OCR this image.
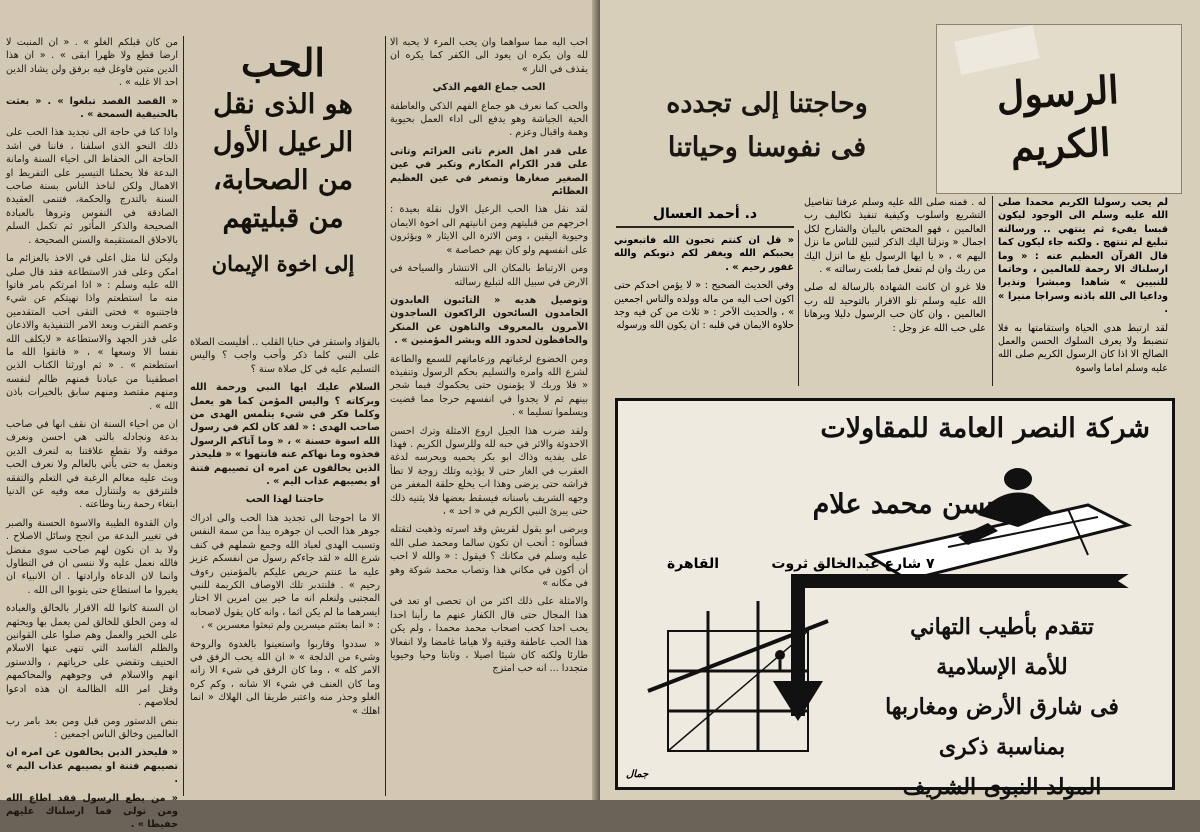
من كان قبلكم الغلو » . « ان المنبت لا ارضا قطع ولا ظهرا ابقى » . « ان هذا الدين متين فاوغل فيه برفق ولن يشاد الدين احد الا غلبه » .

« القصد القصد تبلغوا » . « بعثت بالحنيفية السمحة » .

واذا كنا في حاجة الى تجديد هذا الحب على ذلك النحو الذى اسلفنا ، فاننا في اشد الحاجة الى الحفاظ الى احياء السنة وامانة البدعة فلا يحملنا التيسير على التفريط او الاهمال ولكن لناخذ الناس بسنة صاحب السنة بالتدرج والحكمة، فتنمى العقيدة الصادقة في النفوس وتروها بالعبادة الصحيحة والذكر المأثور ثم تكمل السلم بالاخلاق المستقيمة والسنن الصحيحة .

وليكن لنا مثل اعلى في الاخذ بالعزائم ما امكن وعلى قدر الاستطاعة فقد قال صلى الله عليه وسلم : « اذا امرتكم بامر فاتوا منه ما استطعتم واذا نهيتكم عن شيء فاجتنبوه » فحتى التقى احب المتقدمين وعصم التقرب وبعد الامر التنفيذية والاذعان على قدر الجهد والاستطاعة « لايكلف الله نفسا الا وسعها » ، « فاتقوا الله ما استطعتم » . « ثم اورثنا الكتاب الذين اصطفينا من عبادنا فمنهم ظالم لنفسه ومنهم مقتصد ومنهم سابق بالخيرات باذن الله » .

ان من احياء السنة ان نقف انها في صاحب بدعة ونجادله بالتى هي احسن ونعرف موقفه ولا نقطع علاقتنا به لنعرف الدين ونعمل به حتى يأتي بالعالم ولا نعرف الحب وبث عليه معالم الرغبة في التعلم والتفقه فلنترفق به ولنتنازل معه وفيه عن الدنيا ابتغاء رحمة ربنا وطاعته .

وان القدوة الطيبة والاسوة الحسنة والصبر في تغيير البدعة من انجح وسائل الاصلاح . ولا بد ان نكون لهم صاحب سوى مفضل فالله نعمل عليه ولا ننسى ان في التطاول وانما لان الدعاة وارادتها . ان الانبياء ان يغيروا ما استطاع حتى يتوبوا الى الله .

ان السنة كانوا لله الاقرار بالخالق والعبادة له ومن الخلق للخالق لمن يعمل بها ويحثهم على الخير والعمل وهم صلوا على القوانين والظلم الفاسد التي تنهى عنها الاسلام الحنيف وتقضي على حرياتهم ، والدستور انهم والاسلام في وجوههم والمحاكمهم وقتل امر الله الظالمة ان هذه ادعوا لخلاصهم .

بنص الدستور ومن قبل ومن بعد بامر رب العالمين وخالق الناس اجمعين :

« فليحذر الذين يخالفون عن امره ان تصيبهم فتنة او يصيبهم عذاب اليم » .

« من يطع الرسول فقد اطاع الله ومن تولى فما ارسلناك عليهم حفيظا » .

الحب
هو الذى نقل
الرعيل الأول
من الصحابة،
من قبليتهم
إلى اخوة الإيمان

بالفؤاد واستقر في حنايا القلب .. أفليست الصلاة على النبي كلما ذكر وأحب واجب ؟ واليس التسليم عليه في كل صلاة سنة ؟

السلام عليك ايها النبي ورحمة الله وبركاته ؟ واليس المؤمن كما هو يعمل وكلما فكر في شيء يتلمس الهدى من صاحب الهدى : « لقد كان لكم في رسول الله اسوة حسنة » ، « وما آتاكم الرسول فخذوه وما نهاكم عنه فانتهوا » « فليحذر الذين يخالفون عن امره ان تصيبهم فتنة او يصيبهم عذاب اليم » .

حاجتنا لهذا الحب

الا ما احوجنا الى تجديد هذا الحب والى ادراك جوهر هذا الحب ان جوهره يبدأ من سمة النفس وتسبب الهدى لعباد الله وجمع شملهم في كنف شرع الله « لقد جاءكم رسول من انفسكم عزيز عليه ما عنتم حريص عليكم بالمؤمنين رءوف رحيم » . فلنتدبر تلك الاوصاف الكريمة للنبي المجتبى ولنعلم انه ما خير بين امرين الا اختار ايسرهما ما لم يكن اثما ، وانه كان يقول لاصحابه : « انما بعثتم ميسرين ولم تبعثوا معسرين » ،

« سددوا وقاربوا واستعينوا بالغدوة والروحة وشيء من الدلجة » « ان الله يحب الرفق في الامر كله » ، وما كان الرفق في شيء الا زانه وما كان العنف في شيء الا شانه ، وكم كره الغلو وحذر منه واعتبر طريقا الى الهلاك « انما اهلك »

احب اليه مما سواهما وان يحب المرء لا يحبه الا لله وان يكره ان يعود الى الكفر كما يكره ان يقذف في النار »

الحب جماع الفهم الذكي

والحب كما نعرف هو جماع الفهم الذكي والعاطفة الحية الجياشة وهو يدفع الى اداء العمل بحيوية وهمة واقبال وعزم .

على قدر اهل العزم تاتى العزائم وتاتى على قدر الكرام المكارم وتكبر في عين الصغير صغارها وتصغر في عين العظيم العظائم

لقد نقل هذا الحب الرعيل الاول نقلة بعيدة : اخرجهم من قبليتهم ومن انانيتهم الى اخوة الايمان وحيوية اليقين ، ومن الاثرة الى الايثار « ويؤثرون على انفسهم ولو كان بهم خصاصة »

ومن الارتباط بالمكان الى الانتشار والسياحة في الارض في سبيل الله لتبليغ رسالته

وتوصيل هديه « التائبون العابدون الحامدون السائحون الراكعون الساجدون الآمرون بالمعروف والناهون عن المنكر والحافظون لحدود الله وبشر المؤمنين » .

ومن الخضوع لرغباتهم وزعاماتهم للسمع والطاعة لشرع الله وامره والتسليم بحكم الرسول وتنفيذه « فلا وربك لا يؤمنون حتى يحكموك فيما شجر بينهم ثم لا يجدوا في انفسهم حرجا مما قضيت ويسلموا تسليما » .

ولقد ضرب هذا الجيل اروع الامثلة وترك احسن الاحدوثة والاثر في حبه لله وللرسول الكريم . فهذا على يفديه وذاك ابو بكر يحميه ويحرسه لدغة العقرب في الغار حتى لا يؤذيه وتلك زوجة لا تطأ فراشه حتى يرضى وهذا اب يخلع حلقة المغفر من وجهه الشريف باسنانه فيسقط بعضها فلا يثنيه ذلك حتى يبرئ النبي الكريم في « احد » ،

ويرضى ابو يقول لقريش وقد اسرته وذهبت لتقتله فسألوه : أتحب ان تكون سالما ومحمد صلى الله عليه وسلم في مكانك ؟ فيقول : « والله لا احب أن أكون في مكاني هذا وتصاب محمد شوكة وهو في مكانه »

والامثلة على ذلك اكثر من ان تحصى او تعد في هذا المجال حتى قال الكفار عنهم ما رأينا احدا يحب احدا كحب اصحاب محمد محمدا ، ولم يكن هذا الحب عاطفة وقتية ولا هياما غامضا ولا انفعالا طارئا ولكنه كان شيئا اصيلا ، وتابتا وحيا وحيويا متجددا ... انه حب امتزج

الرسول الكريم
وحاجتنا إلى تجدده
فى نفوسنا وحياتنا
د. أحمد العسال

لم يحب رسولنا الكريم محمدا صلى الله عليه وسلم الى الوجود ليكون قبسا يفيء ثم ينتهي .. ورسالته تبليغ لم تنتهج . ولكنه جاء ليكون كما قال القرآن العظيم عنه : « وما ارسلناك الا رحمة للعالمين ، وخاتما للنبيين » شاهدا ومبشرا ونذيرا وداعيا الى الله باذنه وسراجا منيرا » .

لقد ارتبط هدى الحياة واستقامتها به فلا تنضبط ولا يعرف السلوك الحسن والعمل الصالح الا اذا كان الرسول الكريم صلى الله عليه وسلم اماما واسوة

له . فمنه صلى الله عليه وسلم عرفنا تفاصيل التشريع واسلوب وكيفية تنفيذ تكاليف رب العالمين ، فهو المختص بالبيان والشارح لكل اجمال « ونزلنا اليك الذكر لتبين للناس ما نزل اليهم » ، « يا ايها الرسول بلغ ما انزل اليك من ربك وان لم تفعل فما بلغت رسالته » .

فلا غرو ان كانت الشهادة بالرسالة له صلى الله عليه وسلم تلو الاقرار بالتوحيد لله رب العالمين ، وان كان حب الرسول دليلا وبرهانا على حب الله عز وجل :

« قل ان كنتم تحبون الله فاتبعوني يحببكم الله ويغفر لكم ذنوبكم والله غفور رحيم » .

وفي الحديث الصحيح : « لا يؤمن احدكم حتى اكون احب اليه من ماله وولده والناس اجمعين » ، والحديث الآخر : « ثلاث من كن فيه وجد حلاوة الايمان في قلبه : ان يكون الله ورسوله

شركة النصر العامة للمقاولات
حسن محمد علام
٧ شارع عبدالخالق ثروت
القاهرة
تتقدم بأطيب التهاني
للأمة الإسلامية
فى شارق الأرض ومغاربها
بمناسبة ذكرى
المولد النبوى الشريف
جمال
